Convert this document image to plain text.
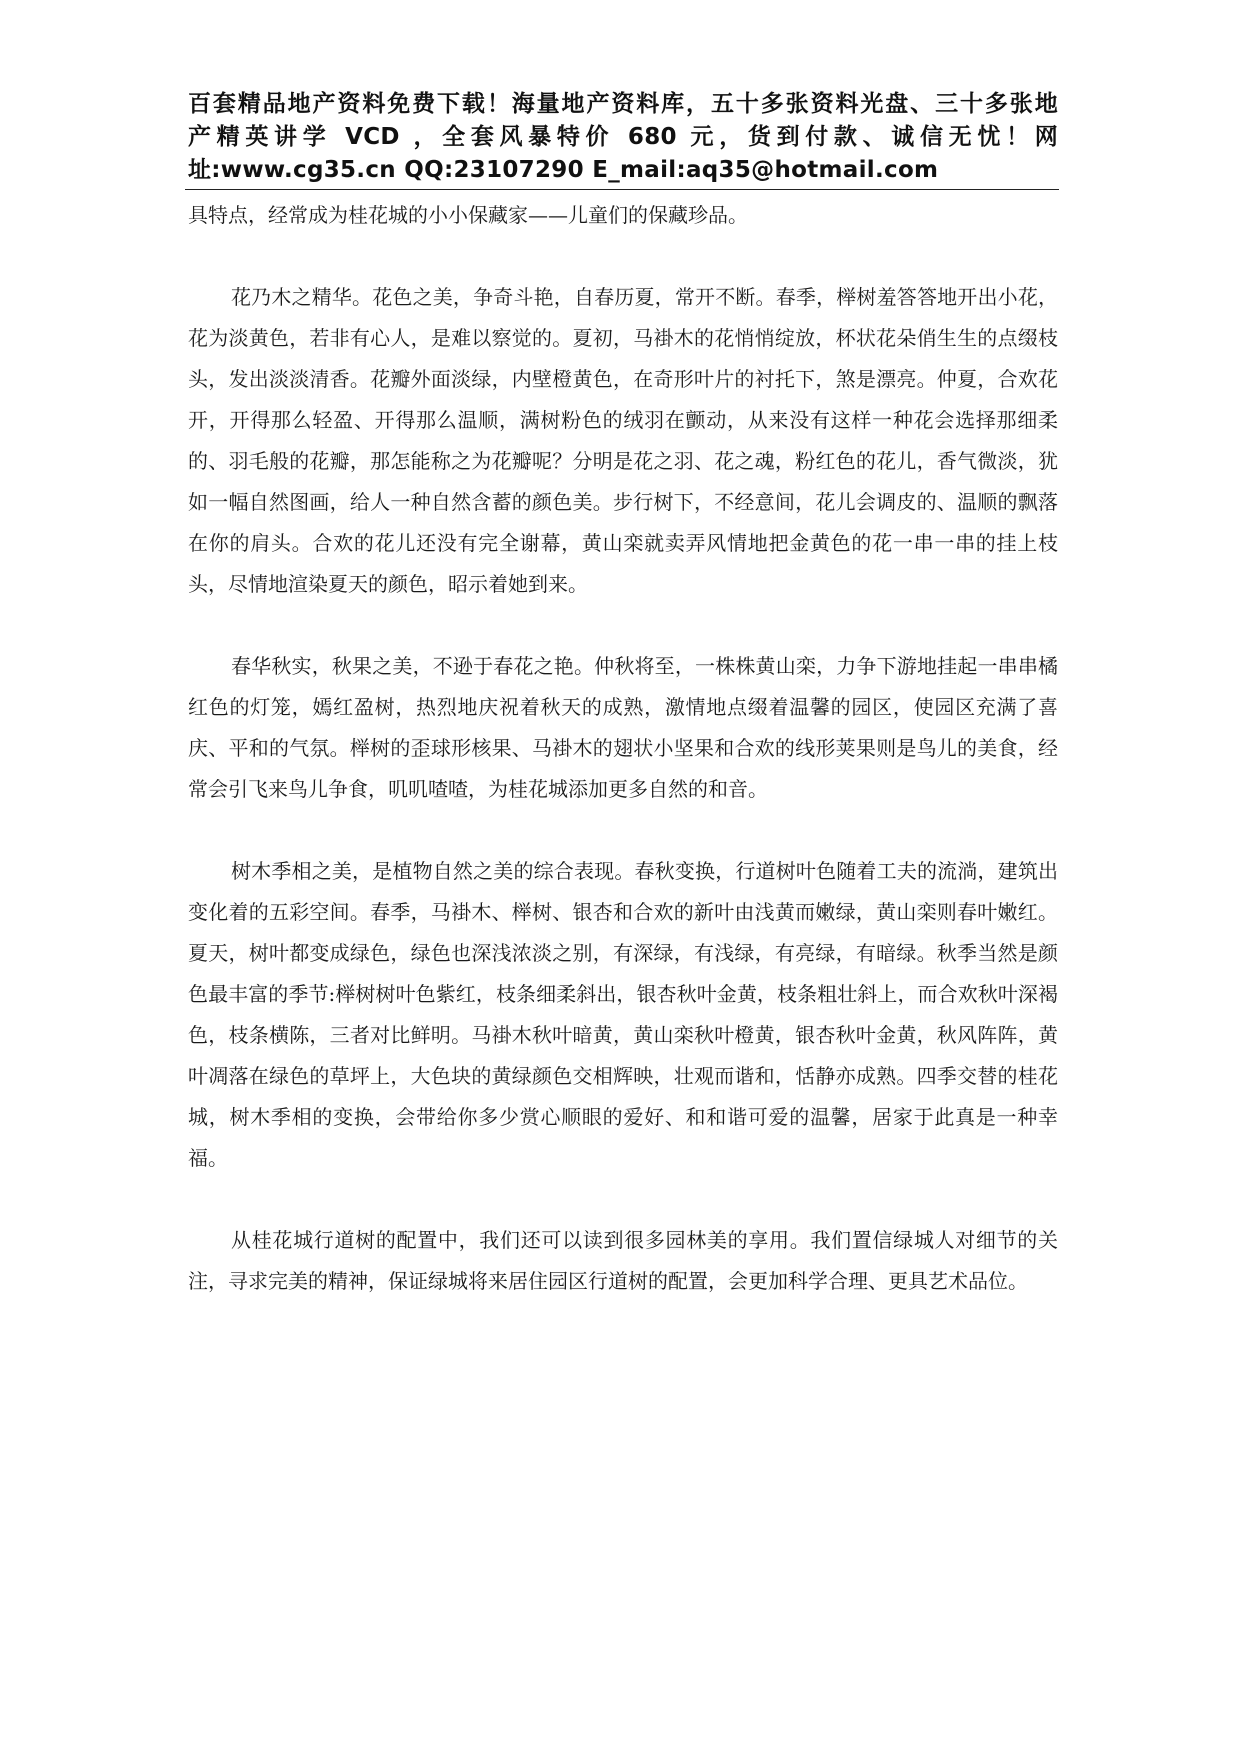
百套精品地产资料免费下载！海量地产资料库，五十多张资料光盘、三十多张地
产精英讲学 VCD ，全套风暴特价 680 元，货到付款、诚信无忧！网
址:www.cg35.cn QQ:23107290 E_mail:aq35@hotmail.com

具特点，经常成为桂花城的小小保藏家——儿童们的保藏珍品。

花乃木之精华。花色之美，争奇斗艳，自春历夏，常开不断。春季，榉树羞答答地开出小花，花为淡黄色，若非有心人，是难以察觉的。夏初，马褂木的花悄悄绽放，杯状花朵俏生生的点缀枝头，发出淡淡清香。花瓣外面淡绿，内壁橙黄色，在奇形叶片的衬托下，煞是漂亮。仲夏，合欢花开，开得那么轻盈、开得那么温顺，满树粉色的绒羽在颤动，从来没有这样一种花会选择那细柔的、羽毛般的花瓣，那怎能称之为花瓣呢？分明是花之羽、花之魂，粉红色的花儿，香气微淡，犹如一幅自然图画，给人一种自然含蓄的颜色美。步行树下，不经意间，花儿会调皮的、温顺的飘落在你的肩头。合欢的花儿还没有完全谢幕，黄山栾就卖弄风情地把金黄色的花一串一串的挂上枝头，尽情地渲染夏天的颜色，昭示着她到来。

春华秋实，秋果之美，不逊于春花之艳。仲秋将至，一株株黄山栾，力争下游地挂起一串串橘红色的灯笼，嫣红盈树，热烈地庆祝着秋天的成熟，激情地点缀着温馨的园区，使园区充满了喜庆、平和的气氛。榉树的歪球形核果、马褂木的翅状小坚果和合欢的线形荚果则是鸟儿的美食，经常会引飞来鸟儿争食，叽叽喳喳，为桂花城添加更多自然的和音。

树木季相之美，是植物自然之美的综合表现。春秋变换，行道树叶色随着工夫的流淌，建筑出变化着的五彩空间。春季，马褂木、榉树、银杏和合欢的新叶由浅黄而嫩绿，黄山栾则春叶嫩红。夏天，树叶都变成绿色，绿色也深浅浓淡之别，有深绿，有浅绿，有亮绿，有暗绿。秋季当然是颜色最丰富的季节:榉树树叶色紫红，枝条细柔斜出，银杏秋叶金黄，枝条粗壮斜上，而合欢秋叶深褐色，枝条横陈，三者对比鲜明。马褂木秋叶暗黄，黄山栾秋叶橙黄，银杏秋叶金黄，秋风阵阵，黄叶凋落在绿色的草坪上，大色块的黄绿颜色交相辉映，壮观而谐和，恬静亦成熟。四季交替的桂花城，树木季相的变换，会带给你多少赏心顺眼的爱好、和和谐可爱的温馨，居家于此真是一种幸福。

从桂花城行道树的配置中，我们还可以读到很多园林美的享用。我们置信绿城人对细节的关注，寻求完美的精神，保证绿城将来居住园区行道树的配置，会更加科学合理、更具艺术品位。
